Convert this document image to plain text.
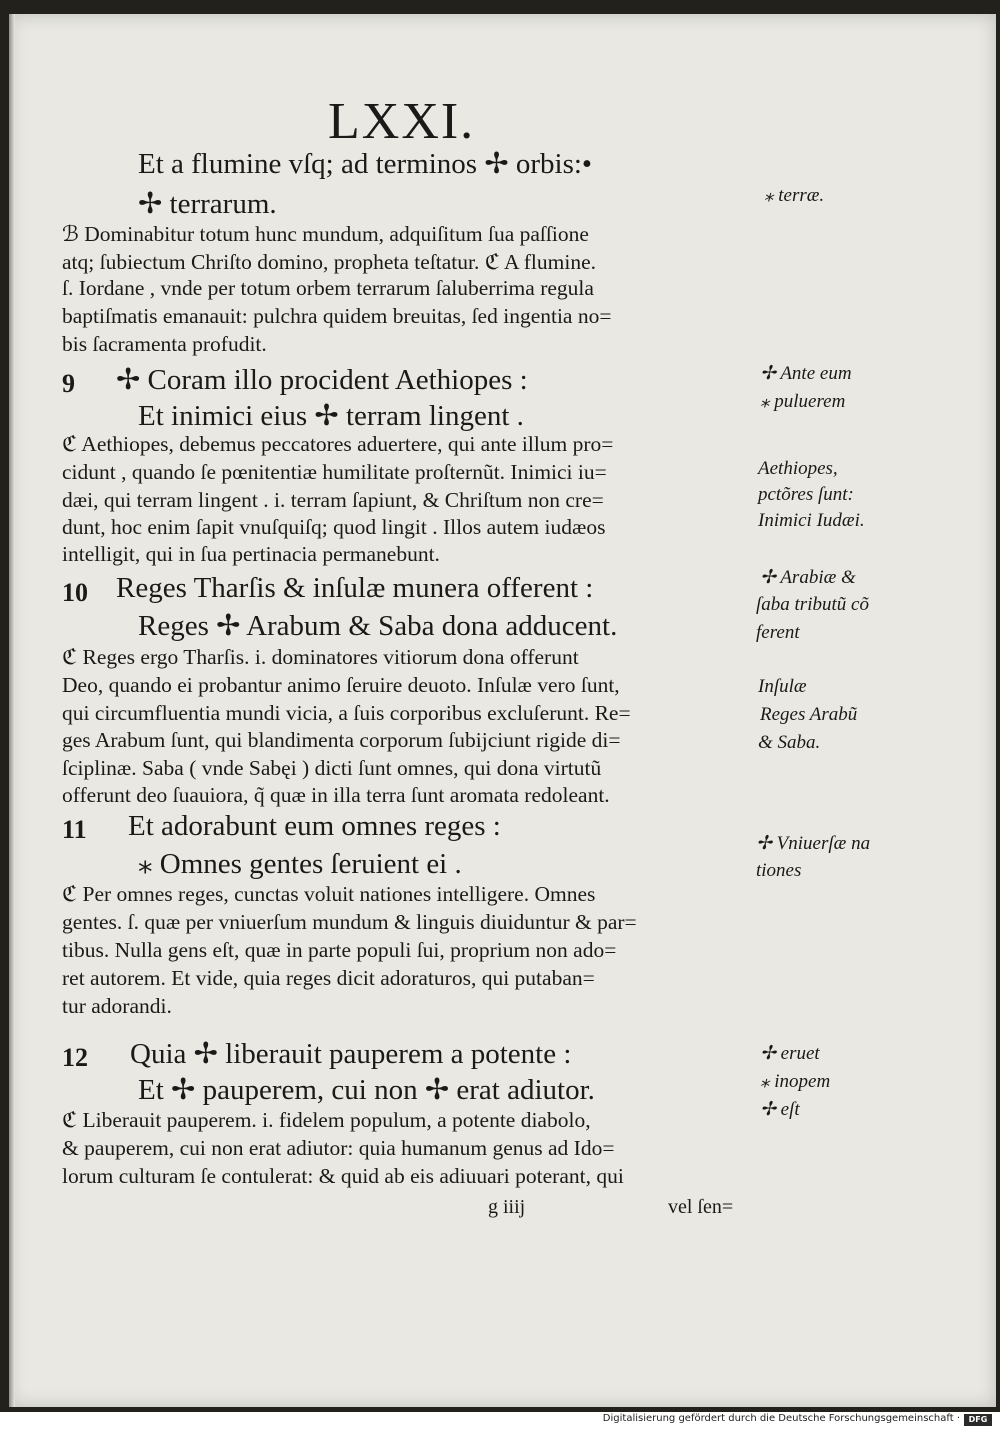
LXXI.
Et a flumine vſq; ad terminos ✢ orbis:•
✢ terrarum.
ℬ Dominabitur totum hunc mundum, adquiſitum ſua paſſione
atq; ſubiectum Chriſto domino, propheta teſtatur. ℭ A flumine.
ſ. Iordane , vnde per totum orbem terrarum ſaluberrima regula
baptiſmatis emanauit: pulchra quidem breuitas, ſed ingentia no=
bis ſacramenta profudit.
9 ✢ Coram illo procident Aethiopes :
Et inimici eius ✢ terram lingent .
ℭ Aethiopes, debemus peccatores aduertere, qui ante illum pro=
cidunt , quando ſe pœnitentiæ humilitate proſternũt. Inimici iu=
dæi, qui terram lingent . i. terram ſapiunt, & Chriſtum non cre=
dunt, hoc enim ſapit vnuſquiſq; quod lingit . Illos autem iudæos
intelligit, qui in ſua pertinacia permanebunt.
10 Reges Tharſis & inſulæ munera offerent :
Reges ✢ Arabum & Saba dona adducent.
ℭ Reges ergo Tharſis. i. dominatores vitiorum dona offerunt
Deo, quando ei probantur animo ſeruire deuoto. Inſulæ vero ſunt,
qui circumfluentia mundi vicia, a ſuis corporibus excluſerunt. Re=
ges Arabum ſunt, qui blandimenta corporum ſubijciunt rigide di=
ſciplinæ. Saba ( vnde Sabęi ) dicti ſunt omnes, qui dona virtutũ
offerunt deo ſuauiora, q̃ quæ in illa terra ſunt aromata redoleant.
11 Et adorabunt eum omnes reges :
⁎ Omnes gentes ſeruient ei .
ℭ Per omnes reges, cunctas voluit nationes intelligere. Omnes
gentes. ſ. quæ per vniuerſum mundum & linguis diuiduntur & par=
tibus. Nulla gens eſt, quæ in parte populi ſui, proprium non ado=
ret autorem. Et vide, quia reges dicit adoraturos, qui putaban=
tur adorandi.
12 Quia ✢ liberauit pauperem a potente :
Et ✢ pauperem, cui non ✢ erat adiutor.
ℭ Liberauit pauperem. i. fidelem populum, a potente diabolo,
& pauperem, cui non erat adiutor: quia humanum genus ad Ido=
lorum culturam ſe contulerat: & quid ab eis adiuuari poterant, qui
g iiij	vel ſen=
⁎ terræ.
✢ Ante eum
⁎ puluerem
Aethiopes,
pctõres ſunt:
Inimici Iudæi.
✢ Arabiæ &
ſaba tributũ cõ
ferent
Inſulæ
Reges Arabũ
& Saba.
✢ Vniuerſæ na
tiones
✢ eruet
⁎ inopem
✢ eſt
Digitalisierung gefördert durch die Deutsche Forschungsgemeinschaft ·	DFG
